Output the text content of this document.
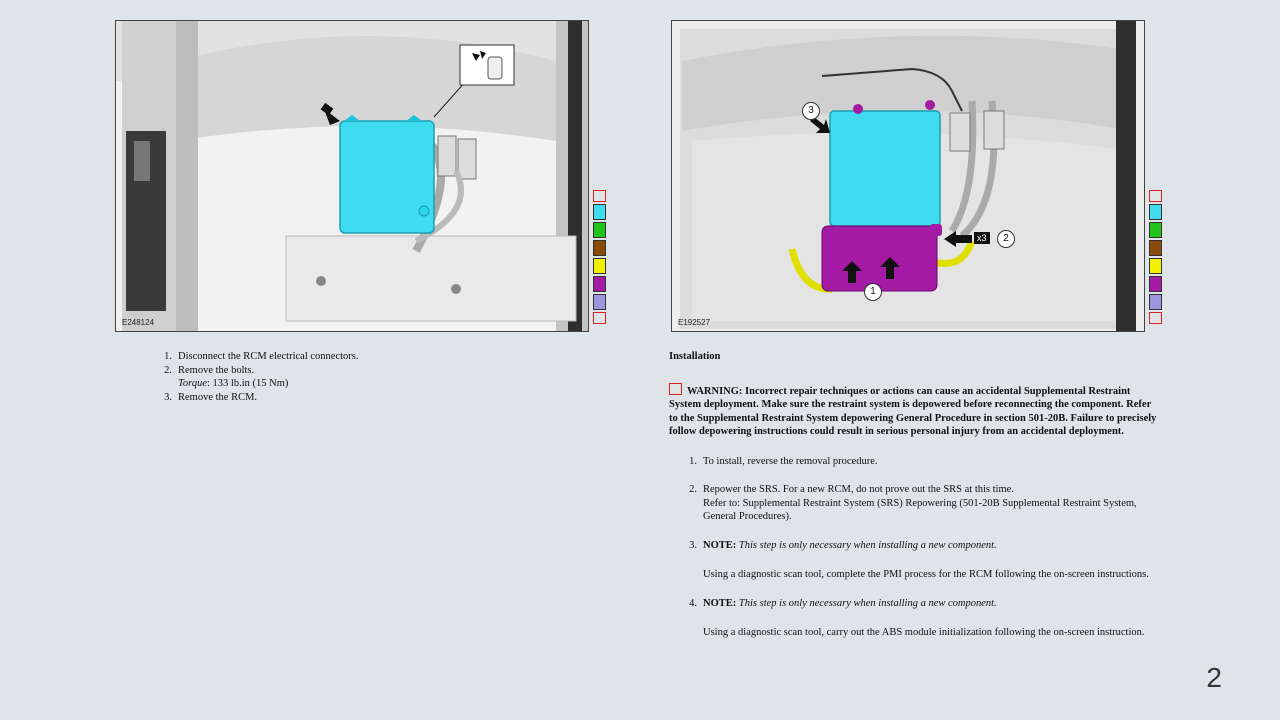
E248124	E192527
1
2
3
x3
1. Disconnect the RCM electrical connectors.
2. Remove the bolts.
Torque: 133 lb.in (15 Nm)
3. Remove the RCM.
Installation
WARNING: Incorrect repair techniques or actions can cause an accidental Supplemental Restraint System deployment. Make sure the restraint system is depowered before reconnecting the component. Refer to the Supplemental Restraint System depowering General Procedure in section 501-20B. Failure to precisely follow depowering instructions could result in serious personal injury from an accidental deployment.
1. To install, reverse the removal procedure.
2. Repower the SRS. For a new RCM, do not prove out the SRS at this time.
Refer to: Supplemental Restraint System (SRS) Repowering (501-20B Supplemental Restraint System, General Procedures).
3. NOTE: This step is only necessary when installing a new component.
Using a diagnostic scan tool, complete the PMI process for the RCM following the on-screen instructions.
4. NOTE: This step is only necessary when installing a new component.
Using a diagnostic scan tool, carry out the ABS module initialization following the on-screen instruction.
2
